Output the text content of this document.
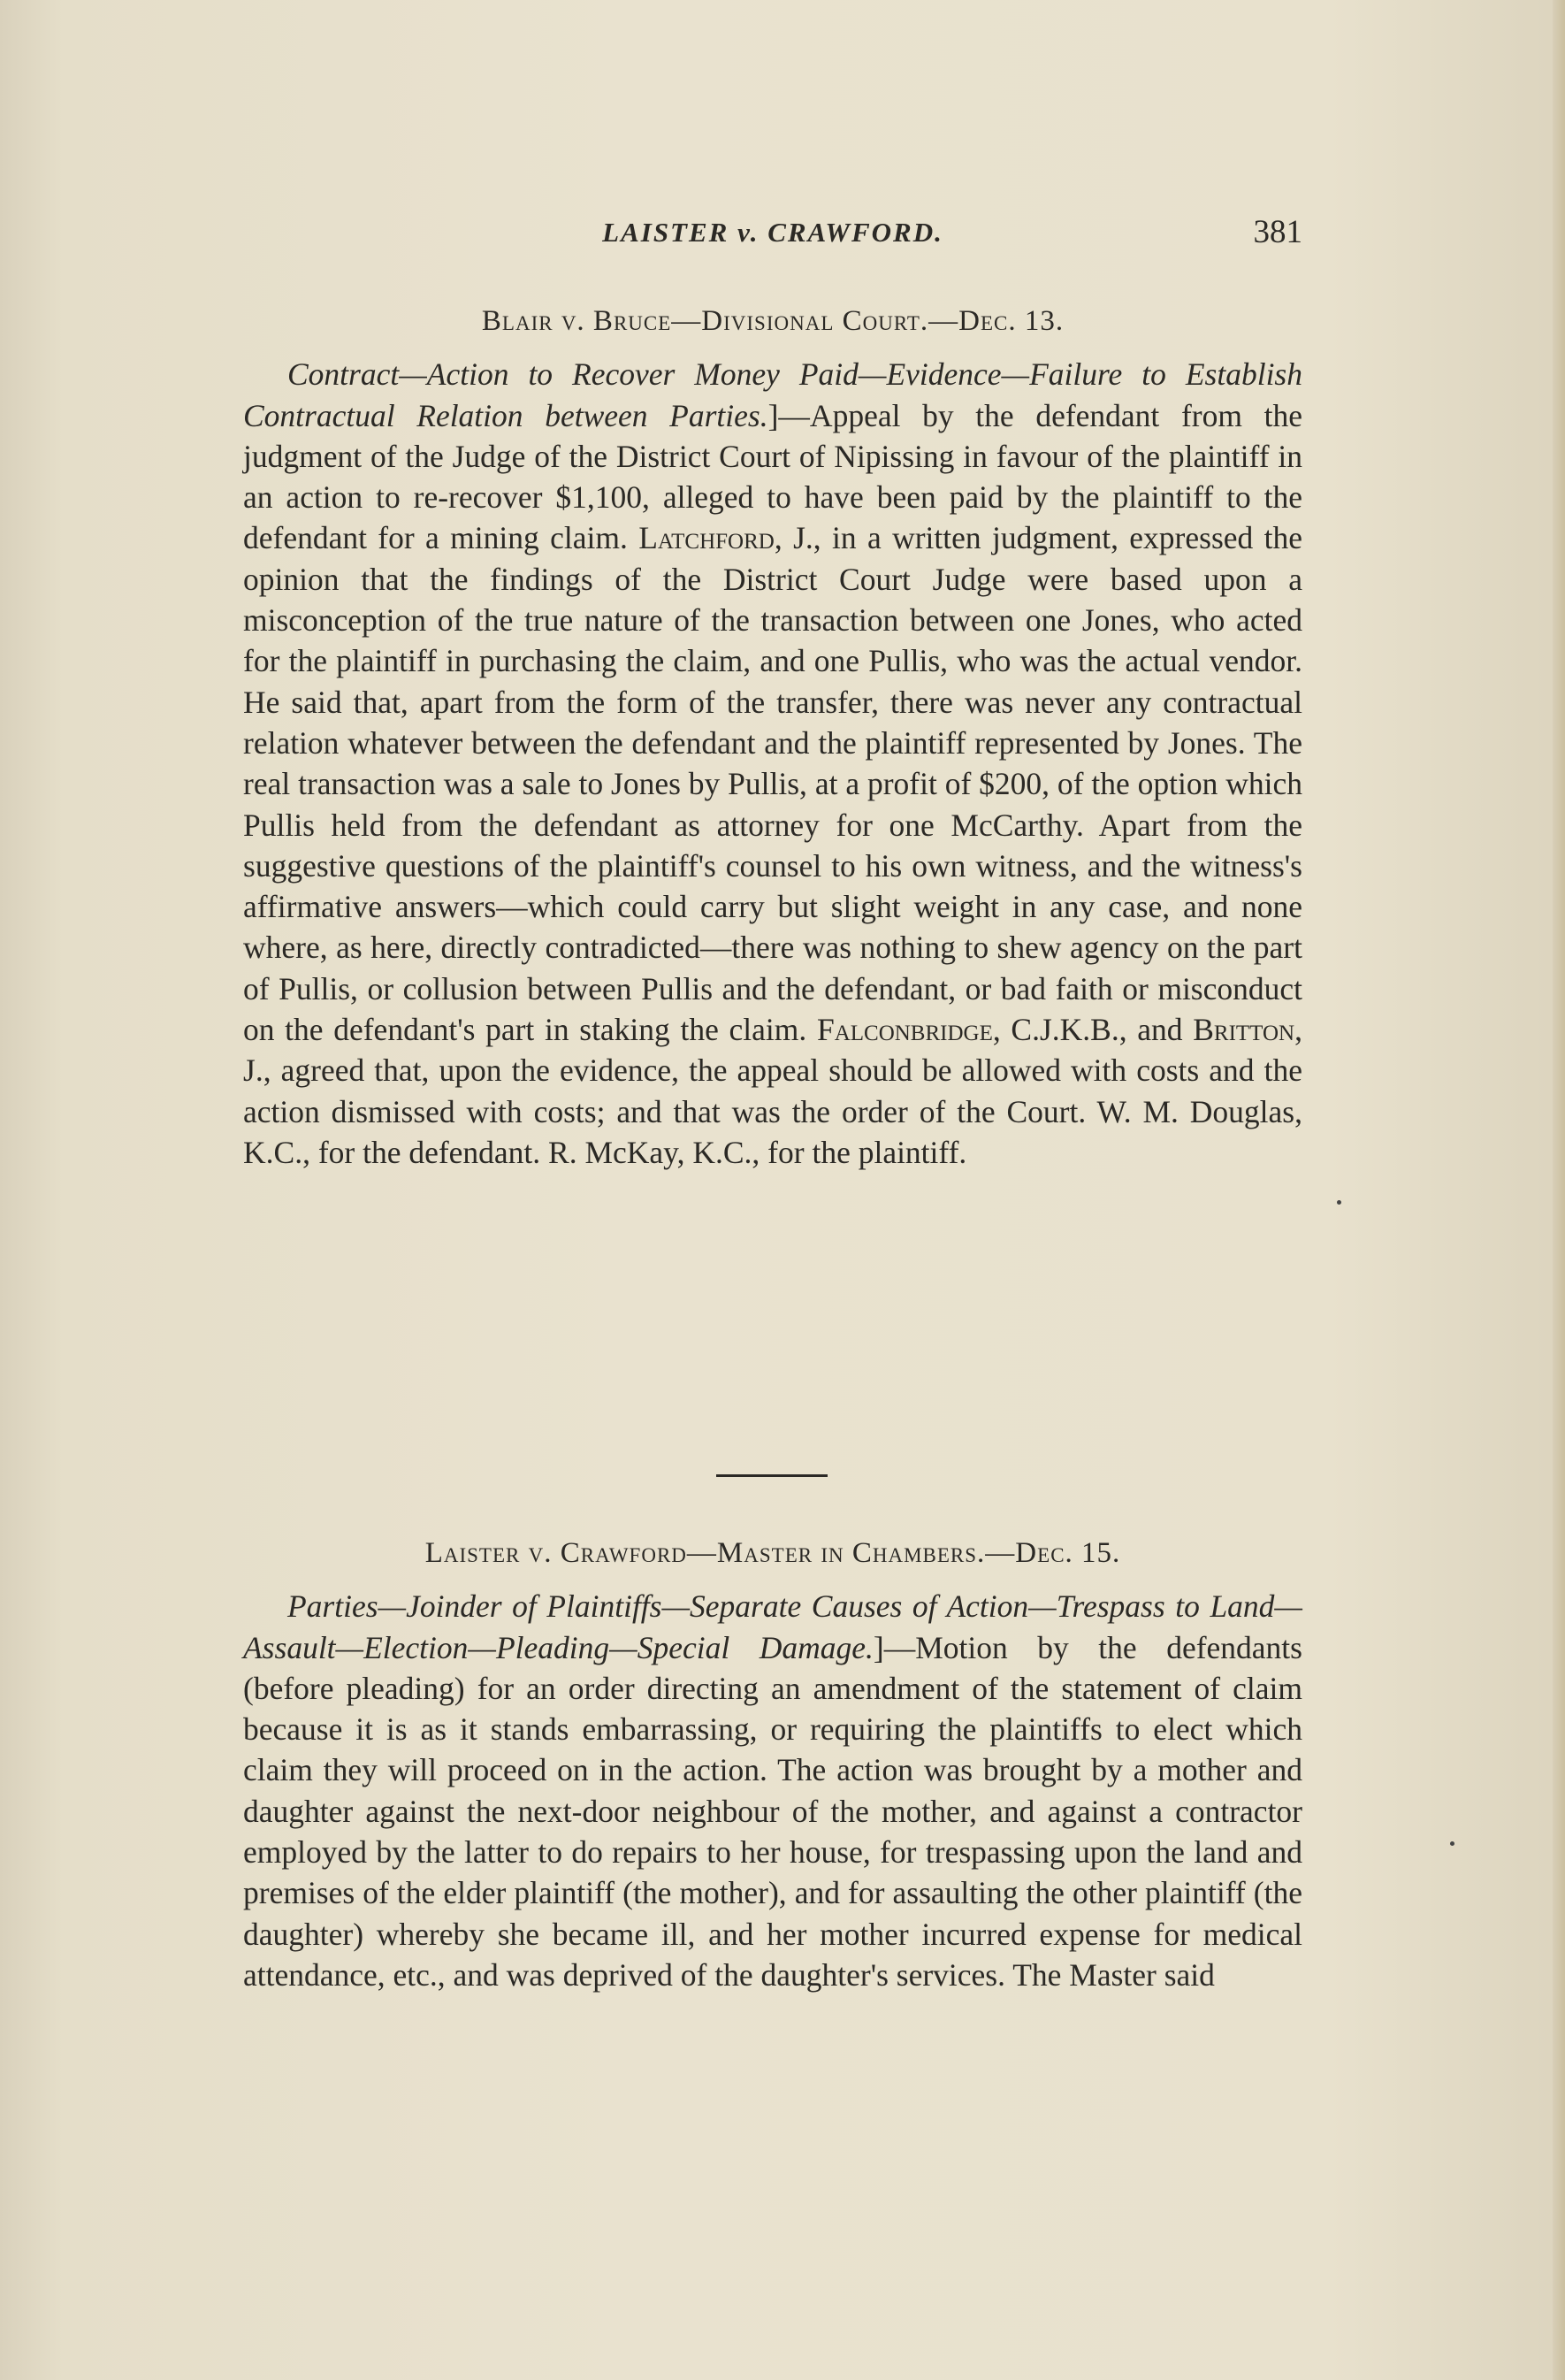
LAISTER v. CRAWFORD.	381
Blair v. Bruce—Divisional Court.—Dec. 13.

Contract—Action to Recover Money Paid—Evidence—Failure to Establish Contractual Relation between Parties.]—Appeal by the defendant from the judgment of the Judge of the District Court of Nipissing in favour of the plaintiff in an action to re-recover $1,100, alleged to have been paid by the plaintiff to the defendant for a mining claim. Latchford, J., in a written judgment, expressed the opinion that the findings of the District Court Judge were based upon a misconception of the true nature of the transaction between one Jones, who acted for the plaintiff in purchasing the claim, and one Pullis, who was the actual vendor. He said that, apart from the form of the transfer, there was never any contractual relation whatever between the defendant and the plaintiff represented by Jones. The real transaction was a sale to Jones by Pullis, at a profit of $200, of the option which Pullis held from the defendant as attorney for one McCarthy. Apart from the suggestive questions of the plaintiff's counsel to his own witness, and the witness's affirmative answers—which could carry but slight weight in any case, and none where, as here, directly contradicted—there was nothing to shew agency on the part of Pullis, or collusion between Pullis and the defendant, or bad faith or misconduct on the defendant's part in staking the claim. Falconbridge, C.J.K.B., and Britton, J., agreed that, upon the evidence, the appeal should be allowed with costs and the action dismissed with costs; and that was the order of the Court. W. M. Douglas, K.C., for the defendant. R. McKay, K.C., for the plaintiff.

Laister v. Crawford—Master in Chambers.—Dec. 15.

Parties—Joinder of Plaintiffs—Separate Causes of Action—Trespass to Land—Assault—Election—Pleading—Special Damage.]—Motion by the defendants (before pleading) for an order directing an amendment of the statement of claim because it is as it stands embarrassing, or requiring the plaintiffs to elect which claim they will proceed on in the action. The action was brought by a mother and daughter against the next-door neighbour of the mother, and against a contractor employed by the latter to do repairs to her house, for trespassing upon the land and premises of the elder plaintiff (the mother), and for assaulting the other plaintiff (the daughter) whereby she became ill, and her mother incurred expense for medical attendance, etc., and was deprived of the daughter's services. The Master said
